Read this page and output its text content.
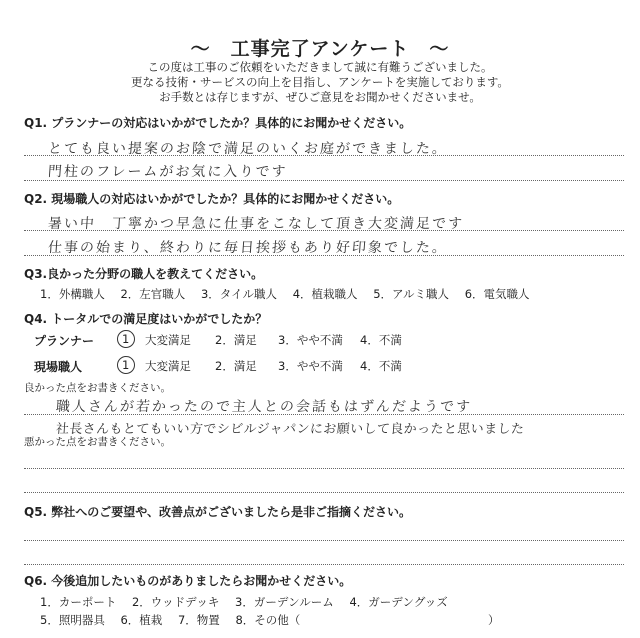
～　工事完了アンケート　～
この度は工事のご依頼をいただきまして誠に有難うございました。
更なる技術・サービスの向上を目指し、アンケートを実施しております。
お手数とは存じますが、ぜひご意見をお聞かせくださいませ。
Q1. プランナーの対応はいかがでしたか？具体的にお聞かせください。
とても良い提案のお陰で満足のいくお庭ができました。
門柱のフレームがお気に入りです
Q2. 現場職人の対応はいかがでしたか？具体的にお聞かせください。
暑い中　丁寧かつ早急に仕事をこなして頂き大変満足です
仕事の始まり、終わりに毎日挨拶もあり好印象でした。
Q3.良かった分野の職人を教えてください。
1．外構職人 2．左官職人 3．タイル職人 4．植栽職人 5．アルミ職人 6．電気職人
Q4. トータルでの満足度はいかがでしたか？
プランナー 1 大変満足 2．満足 3．やや不満 4．不満
現場職人	1 大変満足 2．満足 3．やや不満 4．不満
良かった点をお書きください。
職人さんが若かったので主人との会話もはずんだようです
社長さんもとてもいい方でシビルジャパンにお願いして良かったと思いました
悪かった点をお書きください。
Q5. 弊社へのご要望や、改善点がございましたら是非ご指摘ください。
Q6. 今後追加したいものがありましたらお聞かせください。
1．カーポート 2．ウッドデッキ 3．ガーデンルーム 4．ガーデングッズ
5．照明器具 6．植栽 7．物置 8．その他（	）
